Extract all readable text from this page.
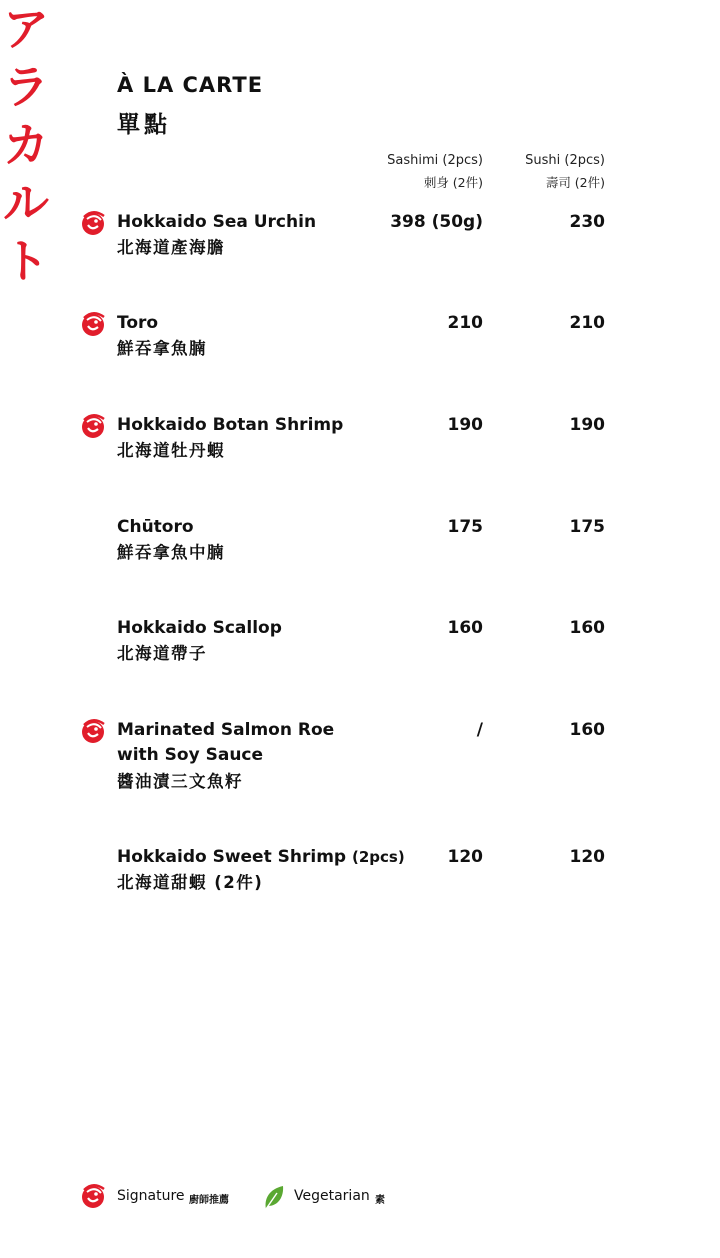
ア
ラ
カ
ル
ト
À LA CARTE
單點
Sashimi (2pcs)
刺身 (2件)
Sushi (2pcs)
壽司 (2件)
Hokkaido Sea Urchin
北海道產海膽
398 (50g)	230
Toro
鮮吞拿魚腩
210	210
Hokkaido Botan Shrimp
北海道牡丹蝦
190	190
Chūtoro
鮮吞拿魚中腩
175	175
Hokkaido Scallop
北海道帶子
160	160
Marinated Salmon Roe
with Soy Sauce
醬油漬三文魚籽
/	160
Hokkaido Sweet Shrimp (2pcs)
北海道甜蝦 (2件)
120	120
Signature 廚師推薦	Vegetarian 素
